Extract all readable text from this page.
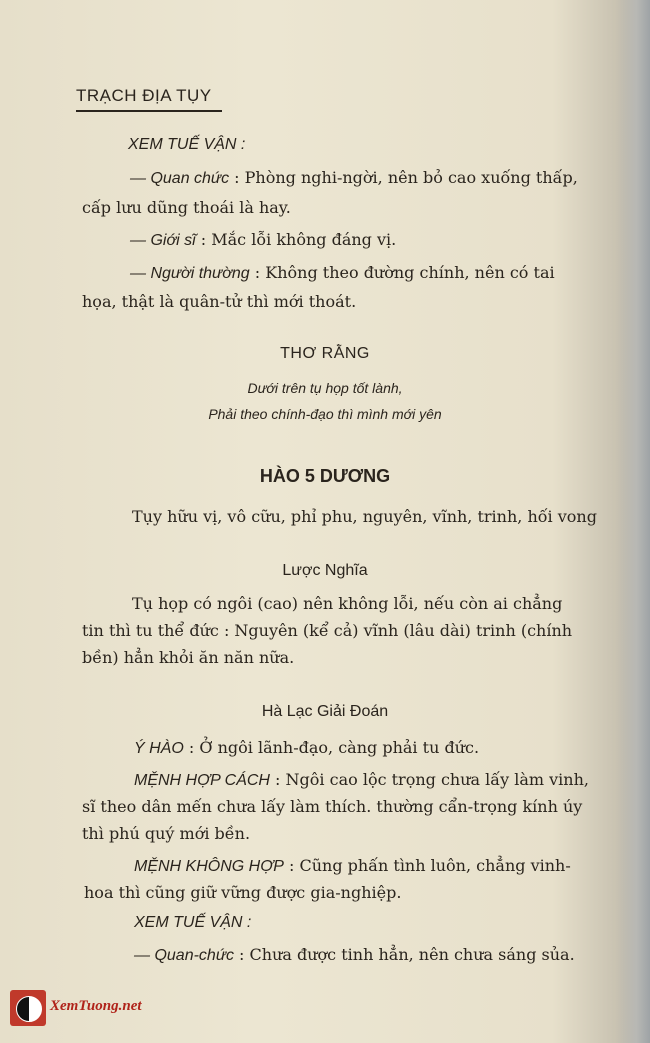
TRẠCH ĐỊA TỤY
XEM TUẾ VẬN :
— Quan chức : Phòng nghi-ngời, nên bỏ cao xuống thấp,
cấp lưu dũng thoái là hay.
— Giới sĩ : Mắc lỗi không đáng vị.
— Người thường : Không theo đường chính, nên có tai
họa, thật là quân-tử thì mới thoát.
THƠ RẰNG
Dưới trên tụ họp tốt lành,
Phải theo chính-đạo thì mình mới yên
HÀO 5 DƯƠNG
Tụy hữu vị, vô cữu, phỉ phu, nguyên, vĩnh, trinh, hối vong
Lược Nghĩa
Tụ họp có ngôi (cao) nên không lỗi, nếu còn ai chẳng
tin thì tu thể đức : Nguyên (kể cả) vĩnh (lâu dài) trinh (chính
bền) hẳn khỏi ăn năn nữa.
Hà Lạc Giải Đoán
Ý HÀO : Ở ngôi lãnh-đạo, càng phải tu đức.
MỆNH HỢP CÁCH : Ngôi cao lộc trọng chưa lấy làm vinh,
sĩ theo dân mến chưa lấy làm thích. thường cẩn-trọng kính úy
thì phú quý mới bền.
MỆNH KHÔNG HỢP : Cũng phấn tình luôn, chẳng vinh-
hoa thì cũng giữ vững được gia-nghiệp.
XEM TUẾ VẬN :
— Quan-chức : Chưa được tinh hẳn, nên chưa sáng sủa.
XemTuong.net
